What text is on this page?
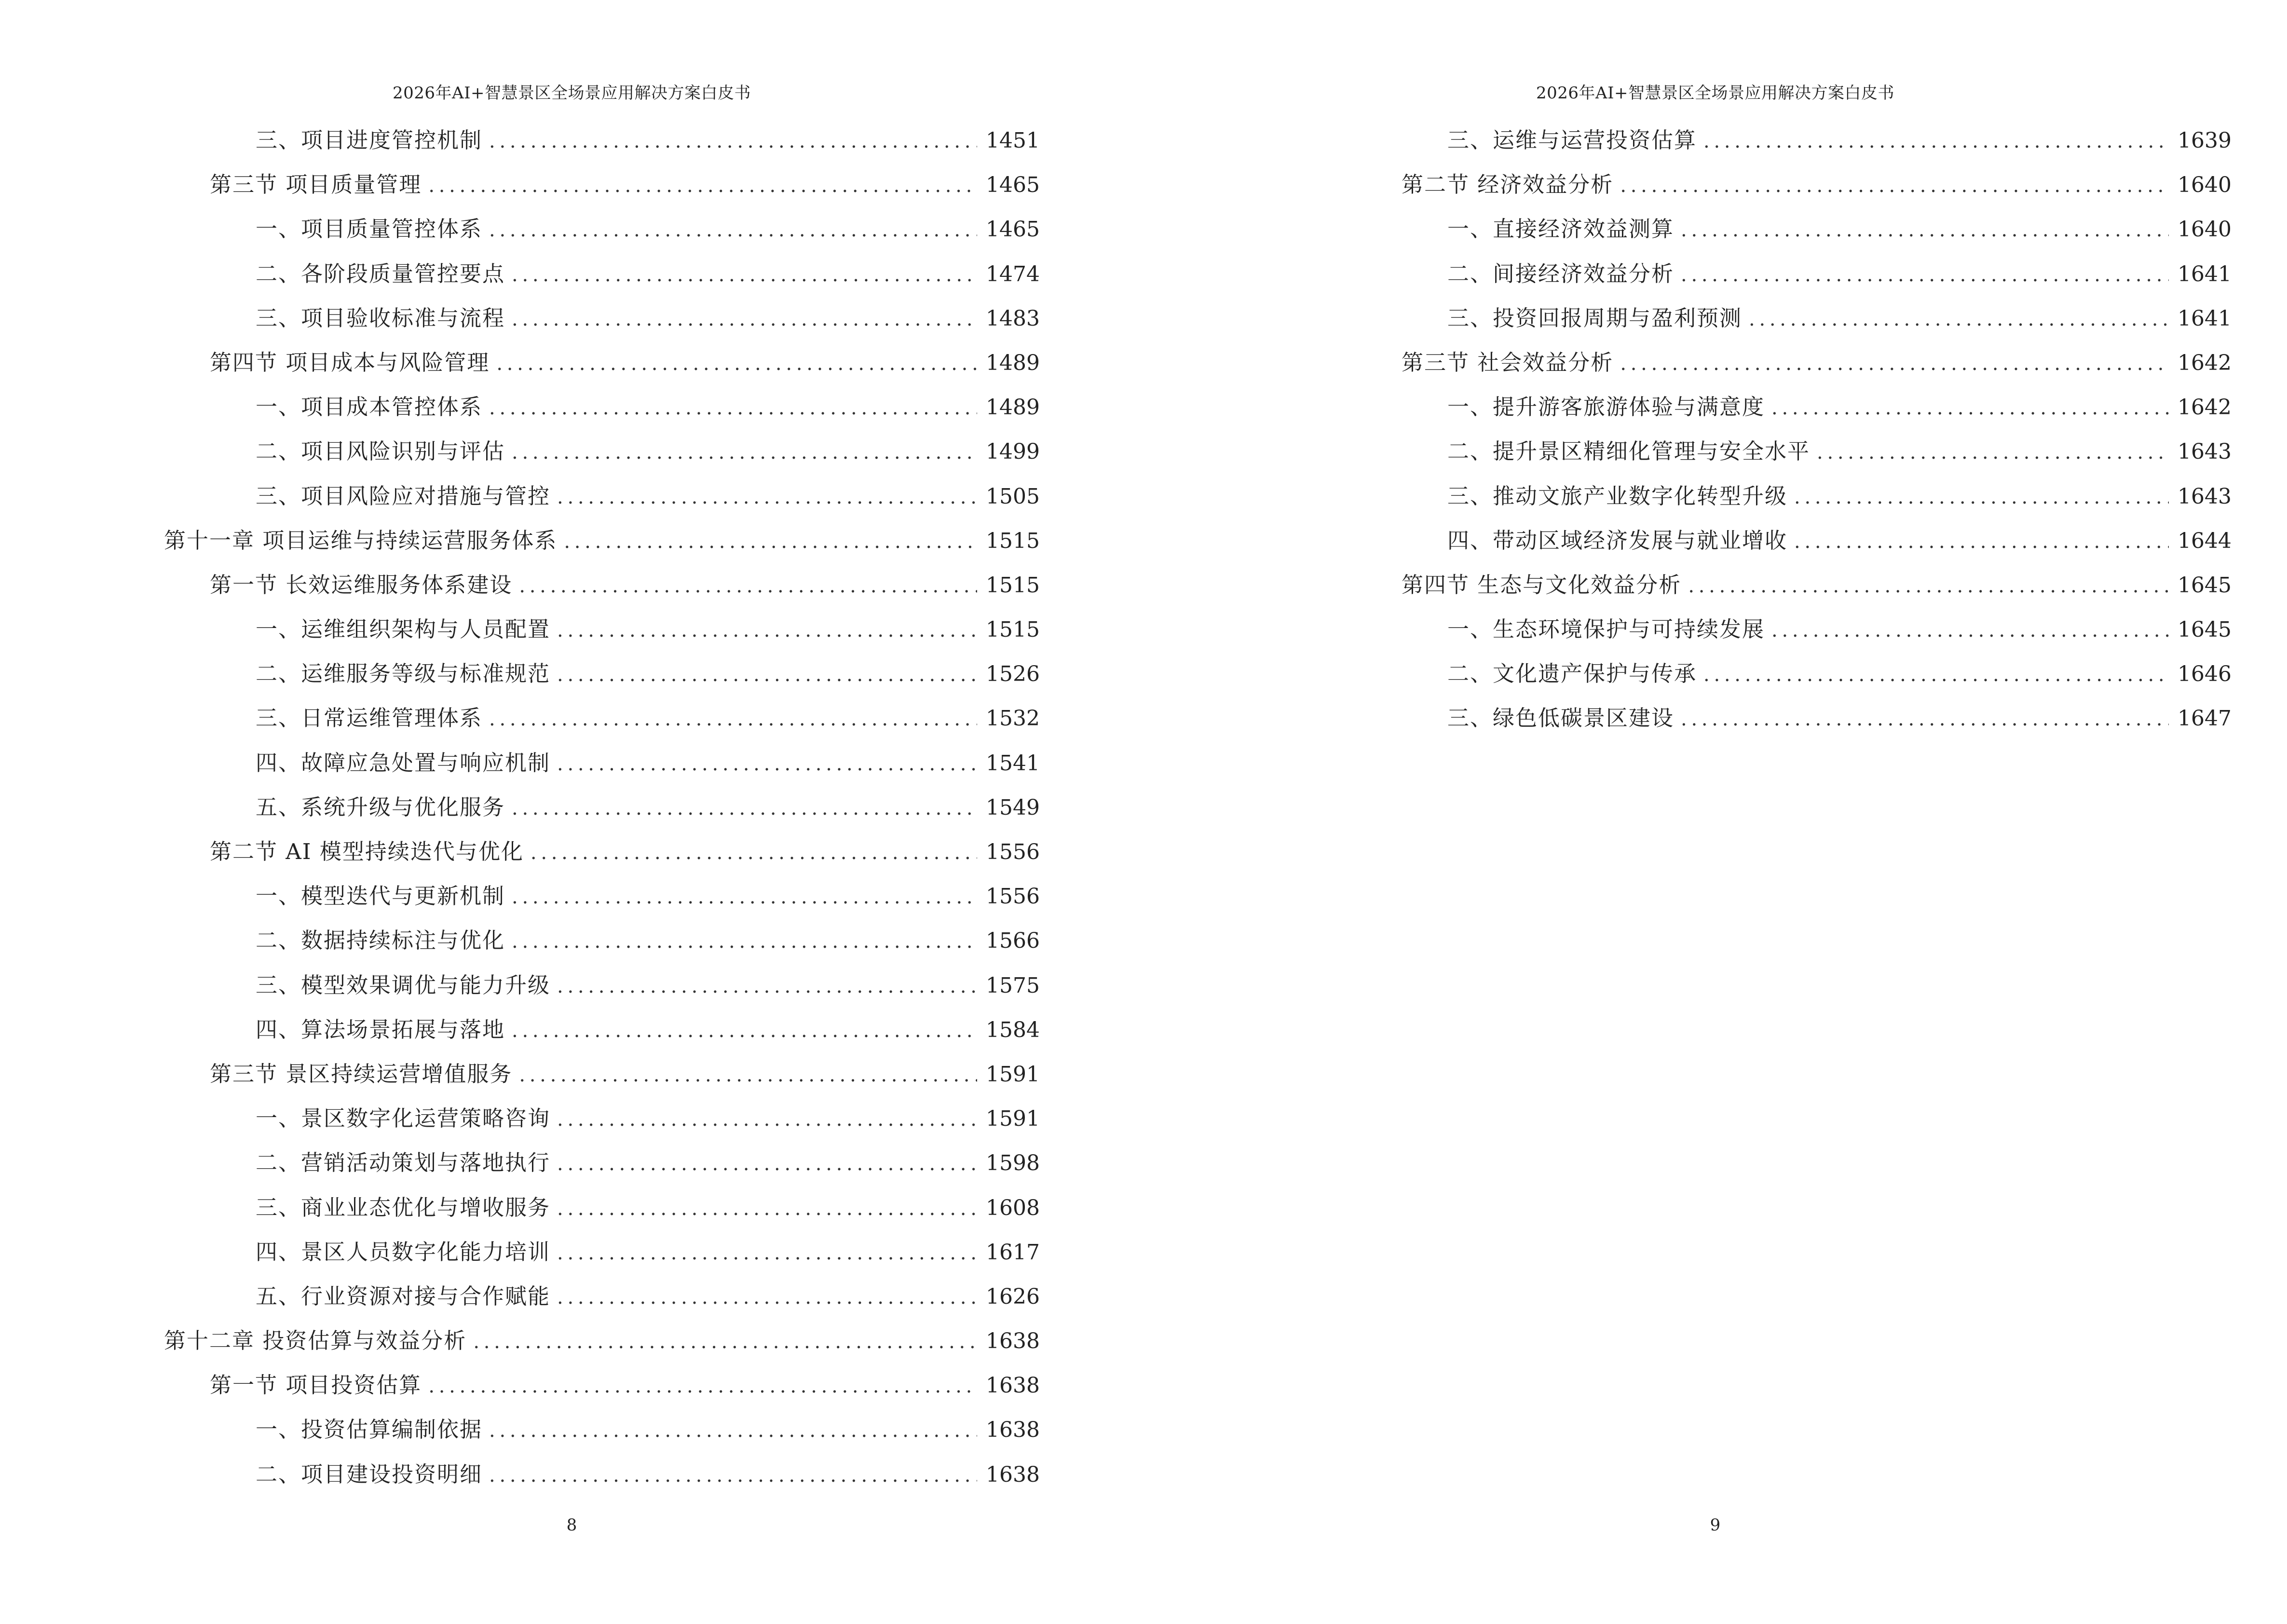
2026年AI+智慧景区全场景应用解决方案白皮书
三、项目进度管控机制 . . .	1451
第三节 项目质量管理 . . .	1465
一、项目质量管控体系 . . .	1465
二、各阶段质量管控要点 . . .	1474
三、项目验收标准与流程 . . .	1483
第四节 项目成本与风险管理 . . .	1489
一、项目成本管控体系 . . .	1489
二、项目风险识别与评估 . . .	1499
三、项目风险应对措施与管控 . . .	1505
第十一章 项目运维与持续运营服务体系 . . .	1515
第一节 长效运维服务体系建设 . . .	1515
一、运维组织架构与人员配置 . . .	1515
二、运维服务等级与标准规范 . . .	1526
三、日常运维管理体系 . . .	1532
四、故障应急处置与响应机制 . . .	1541
五、系统升级与优化服务 . . .	1549
第二节 AI 模型持续迭代与优化 . . .	1556
一、模型迭代与更新机制 . . .	1556
二、数据持续标注与优化 . . .	1566
三、模型效果调优与能力升级 . . .	1575
四、算法场景拓展与落地 . . .	1584
第三节 景区持续运营增值服务 . . .	1591
一、景区数字化运营策略咨询 . . .	1591
二、营销活动策划与落地执行 . . .	1598
三、商业业态优化与增收服务 . . .	1608
四、景区人员数字化能力培训 . . .	1617
五、行业资源对接与合作赋能 . . .	1626
第十二章 投资估算与效益分析 . . .	1638
第一节 项目投资估算 . . .	1638
一、投资估算编制依据 . . .	1638
二、项目建设投资明细 . . .	1638
8
2026年AI+智慧景区全场景应用解决方案白皮书
三、运维与运营投资估算 . . .	1639
第二节 经济效益分析 . . .	1640
一、直接经济效益测算 . . .	1640
二、间接经济效益分析 . . .	1641
三、投资回报周期与盈利预测 . . .	1641
第三节 社会效益分析 . . .	1642
一、提升游客旅游体验与满意度 . . .	1642
二、提升景区精细化管理与安全水平 . . .	1643
三、推动文旅产业数字化转型升级 . . .	1643
四、带动区域经济发展与就业增收 . . .	1644
第四节 生态与文化效益分析 . . .	1645
一、生态环境保护与可持续发展 . . .	1645
二、文化遗产保护与传承 . . .	1646
三、绿色低碳景区建设 . . .	1647
9
